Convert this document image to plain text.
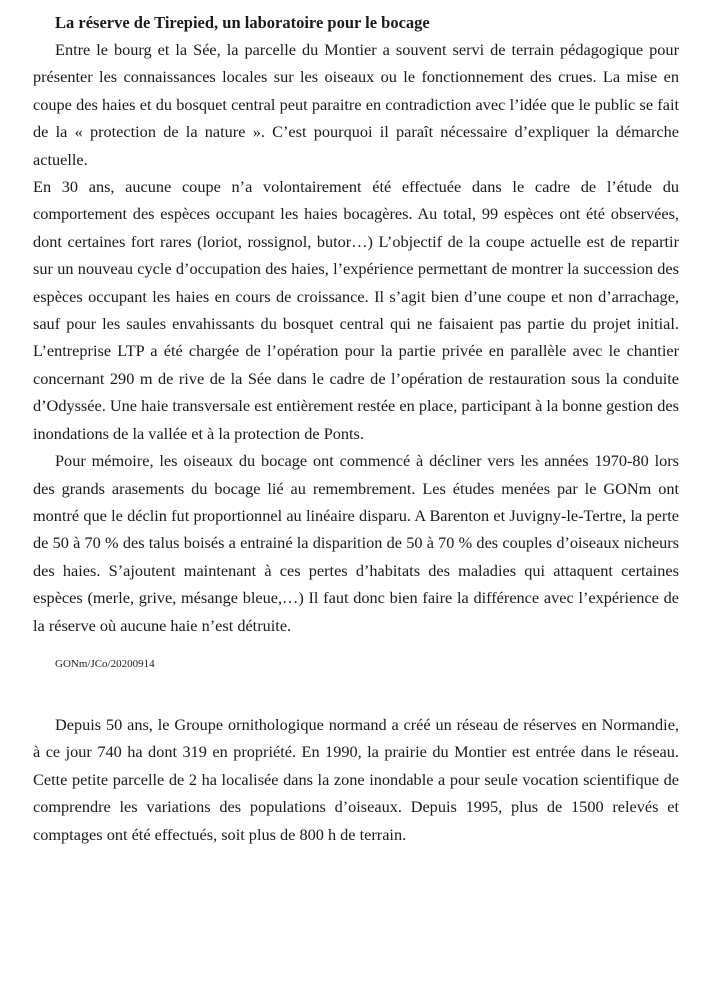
La réserve de Tirepied, un laboratoire pour le bocage

Entre le bourg et la Sée, la parcelle du Montier a souvent servi de terrain pédagogique pour présenter les connaissances locales sur les oiseaux ou le fonctionnement des crues. La mise en coupe des haies et du bosquet central peut paraitre en contradiction avec l’idée que le public se fait de la « protection de la nature ». C’est pourquoi il paraît nécessaire d’expliquer la démarche actuelle.

En 30 ans, aucune coupe n’a volontairement été effectuée dans le cadre de l’étude du comportement des espèces occupant les haies bocagères. Au total, 99 espèces ont été observées, dont certaines fort rares (loriot, rossignol, butor…) L’objectif de la coupe actuelle est de repartir sur un nouveau cycle d’occupation des haies, l’expérience permettant de montrer la succession des espèces occupant les haies en cours de croissance. Il s’agit bien d’une coupe et non d’arrachage, sauf pour les saules envahissants du bosquet central qui ne faisaient pas partie du projet initial. L’entreprise LTP a été chargée de l’opération pour la partie privée en parallèle avec le chantier concernant 290 m de rive de la Sée dans le cadre de l’opération de restauration sous la conduite d’Odyssée. Une haie transversale est entièrement restée en place, participant à la bonne gestion des inondations de la vallée et à la protection de Ponts.

Pour mémoire, les oiseaux du bocage ont commencé à décliner vers les années 1970-80 lors des grands arasements du bocage lié au remembrement. Les études menées par le GONm ont montré que le déclin fut proportionnel au linéaire disparu. A Barenton et Juvigny-le-Tertre, la perte de 50 à 70 % des talus boisés a entrainé la disparition de 50 à 70 % des couples d’oiseaux nicheurs des haies. S’ajoutent maintenant à ces pertes d’habitats des maladies qui attaquent certaines espèces (merle, grive, mésange bleue,…) Il faut donc bien faire la différence avec l’expérience de la réserve où aucune haie n’est détruite.

GONm/JCo/20200914

Depuis 50 ans, le Groupe ornithologique normand a créé un réseau de réserves en Normandie, à ce jour 740 ha dont 319 en propriété. En 1990, la prairie du Montier est entrée dans le réseau. Cette petite parcelle de 2 ha localisée dans la zone inondable a pour seule vocation scientifique de comprendre les variations des populations d’oiseaux. Depuis 1995, plus de 1500 relevés et comptages ont été effectués, soit plus de 800 h de terrain.
